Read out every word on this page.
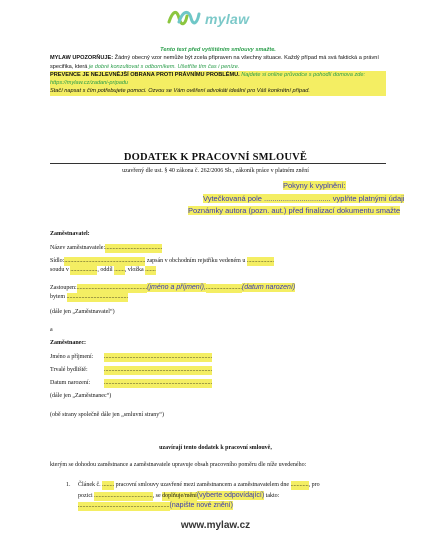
mylaw
Tento text před vytištěním smlouvy smažte.
MYLAW UPOZORŇUJE: Žádný obecný vzor nemůže být zcela připraven na všechny situace. Každý případ má svá faktická a právní specifika, která je dobré konzultovat s odborníkem. Ušetříte tím čas i peníze.
PREVENCE JE NEJLEVNĚJŠÍ OBRANA PROTI PRÁVNÍMU PROBLÉMU. Najdete si online průvodce s pohodlí domova zde: https://mylaw.cz/zadani-pripadu
Stačí napsat s čím potřebujete pomoci. Ozvou se Vám ověření advokáti ideální pro Váš konkrétní případ.
DODATEK K PRACOVNÍ SMLOUVĚ
uzavřený dle ust. § 40 zákona č. 262/2006 Sb., zákoník práce v platném znění
Pokyny k vyplnění:
Vytečkovaná pole ................................ vyplňte platnými údaji
Poznámky autora (pozn. aut.) před finalizací dokumentu smažte
Zaměstnavatel:
Název zaměstnavatele:......................................
Sídlo:...................................................... zapsán v obchodním rejstříku vedeném u ..................
soudu v .................., oddíl ......., vložka .......
Zastoupen:...............................................(jméno a příjmení),........................(datum narození)
bytem .........................................
(dále jen „Zaměstnavatel“)
a
Zaměstnanec:
Jméno a příjmení: ........................................................................
Trvalé bydliště:	........................................................................
Datum narození: ........................................................................
(dále jen „Zaměstnanec“)
(obě strany společně dále jen „smluvní strany“)
uzavírají tento dodatek k pracovní smlouvě,
kterým se dohodou zaměstnance a zaměstnavatele upravuje obsah pracovního poměru dle níže uvedeného:
1. Článek č. ........ pracovní smlouvy uzavřené mezi zaměstnancem a zaměstnavatelem dne ............, pro
pozici ......................................., se doplňuje/mění(vyberte odpovídající) takto:
.............................................................(napište nové znění)
www.mylaw.cz
